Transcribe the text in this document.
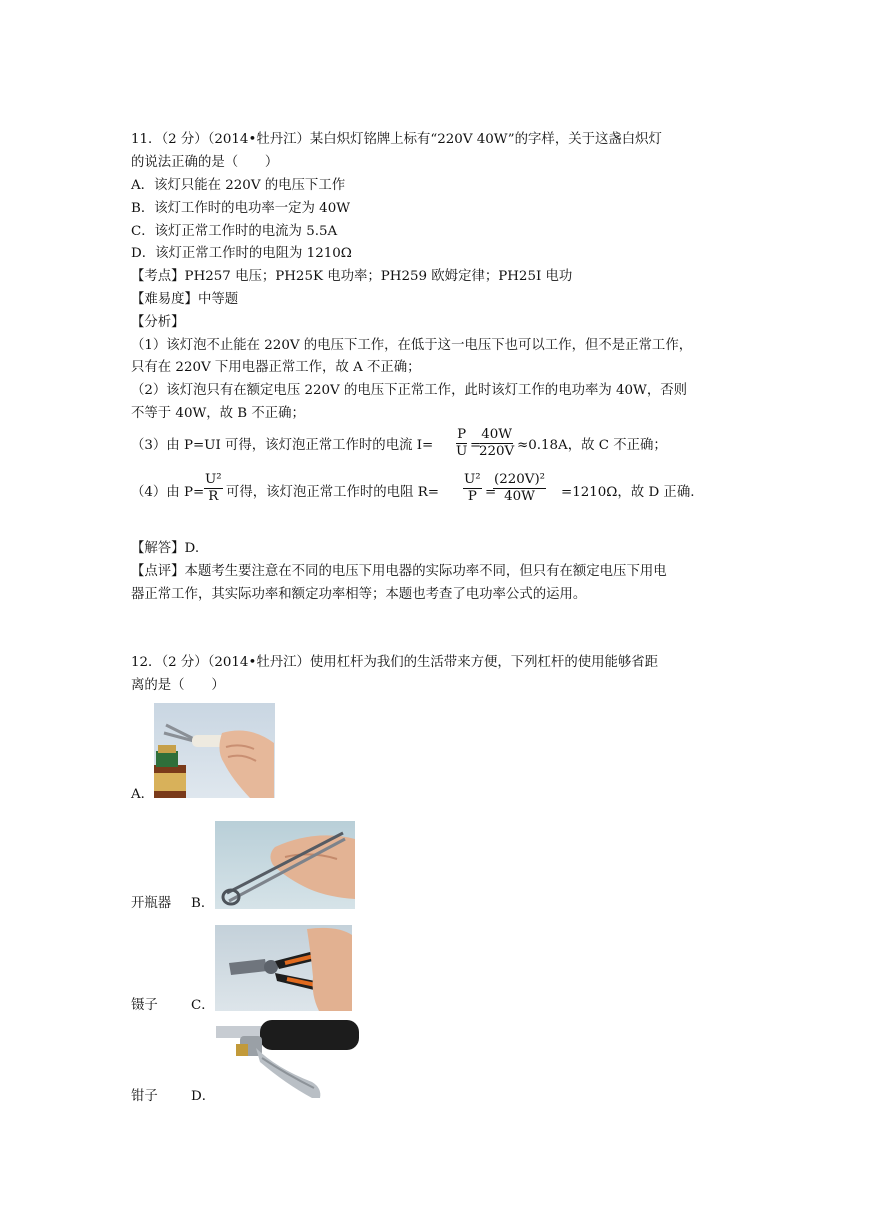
11．（2 分）（2014•牡丹江）某白炽灯铭牌上标有“220V 40W”的字样，关于这盏白炽灯
的说法正确的是（　　）
A．该灯只能在 220V 的电压下工作
B．该灯工作时的电功率一定为 40W
C．该灯正常工作时的电流为 5.5A
D．该灯正常工作时的电阻为 1210Ω
【考点】PH257 电压；PH25K 电功率；PH259 欧姆定律；PH25I 电功
【难易度】中等题
【分析】
（1）该灯泡不止能在 220V 的电压下工作，在低于这一电压下也可以工作，但不是正常工作，
只有在 220V 下用电器正常工作，故 A 不正确；
（2）该灯泡只有在额定电压 220V 的电压下正常工作，此时该灯工作的电功率为 40W，否则
不等于 40W，故 B 不正确；
（3）由 P=UI 可得，该灯泡正常工作时的电流 $I= \frac{P}{U}$ =
$\frac{40W}{220V} \approx 0.18A$，故 C 不正确；
（4）由 $P= \frac{\text{U²}}{R}$ 可得，该灯泡正常工作时的电阻 $R= \frac{\text{U²}}{P}$ =
$\frac{\text{(220V)²}}{40W} =1210\Omega$，故 D 正确.
【解答】D.
【点评】本题考生要注意在不同的电压下用电器的实际功率不同，但只有在额定电压下用电
器正常工作，其实际功率和额定功率相等；本题也考查了电功率公式的运用。
12．（2 分）（2014•牡丹江）使用杠杆为我们的生活带来方便，下列杠杆的使用能够省距
离的是（　　）
A．
开瓶器 B．
镊子 C．
钳子 D．
